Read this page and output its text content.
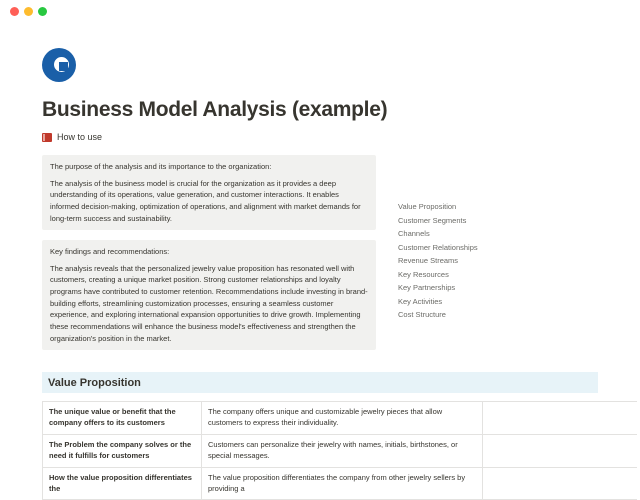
Business Model Analysis (example)
How to use

The purpose of the analysis and its importance to the organization:

The analysis of the business model is crucial for the organization as it provides a deep understanding of its operations, value generation, and customer interactions. It enables informed decision-making, optimization of operations, and alignment with market demands for long-term success and sustainability.

Key findings and recommendations:

The analysis reveals that the personalized jewelry value proposition has resonated well with customers, creating a unique market position. Strong customer relationships and loyalty programs have contributed to customer retention. Recommendations include investing in brand-building efforts, streamlining customization processes, ensuring a seamless customer experience, and exploring international expansion opportunities to drive growth. Implementing these recommendations will enhance the business model's effectiveness and strengthen the organization's position in the market.

Value Proposition
Customer Segments
Channels
Customer Relationships
Revenue Streams
Key Resources
Key Partnerships
Key Activities
Cost Structure
Value Proposition
The unique value or benefit that the company offers to its customers	The company offers unique and customizable jewelry pieces that allow customers to express their individuality.	
The Problem the company solves or the need it fulfills for customers	Customers can personalize their jewelry with names, initials, birthstones, or special messages.	
How the value proposition differentiates the	The value proposition differentiates the company from other jewelry sellers by providing a	
